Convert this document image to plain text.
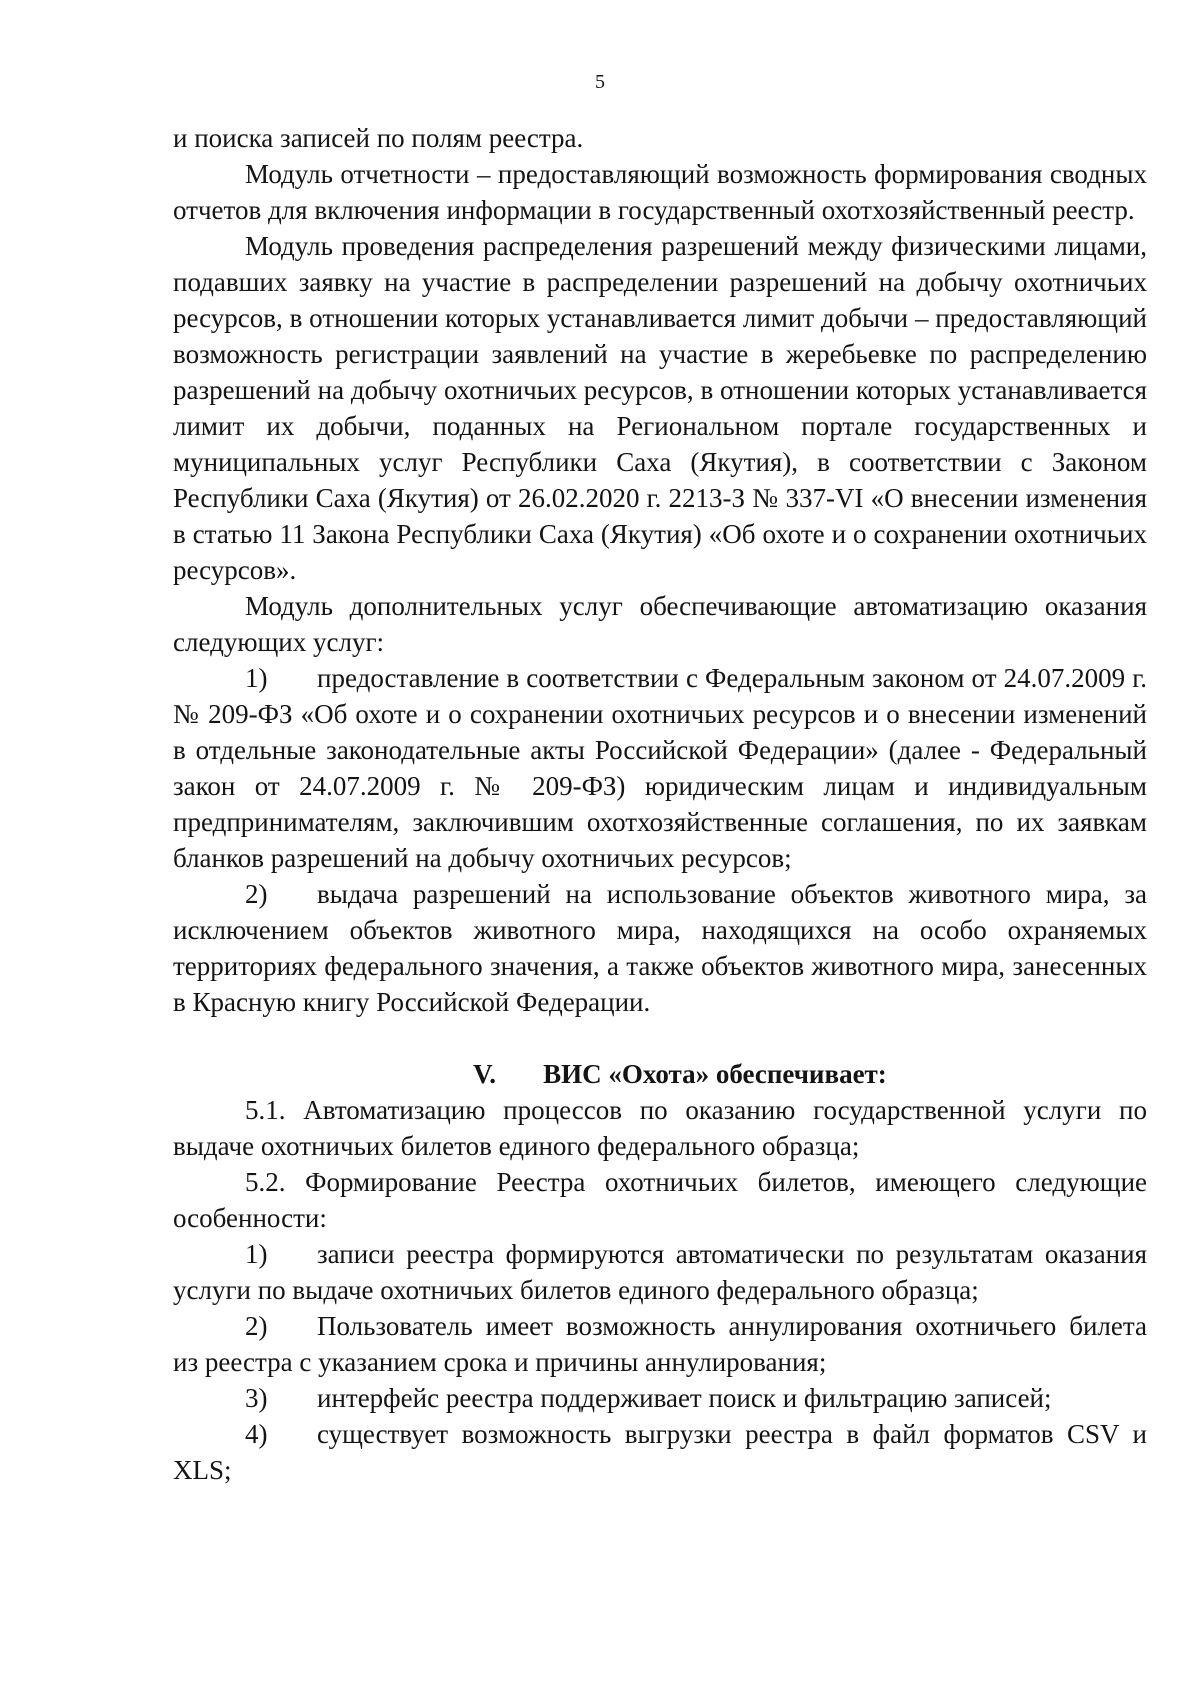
5

и поиска записей по полям реестра.

Модуль отчетности – предоставляющий возможность формирования сводных отчетов для включения информации в государственный охотхозяйственный реестр.

Модуль проведения распределения разрешений между физическими лицами, подавших заявку на участие в распределении разрешений на добычу охотничьих ресурсов, в отношении которых устанавливается лимит добычи – предоставляющий возможность регистрации заявлений на участие в жеребьевке по распределению разрешений на добычу охотничьих ресурсов, в отношении которых устанавливается лимит их добычи, поданных на Региональном портале государственных и муниципальных услуг Республики Саха (Якутия), в соответствии с Законом Республики Саха (Якутия) от 26.02.2020 г. 2213-З № 337-VI «О внесении изменения в статью 11 Закона Республики Саха (Якутия) «Об охоте и о сохранении охотничьих ресурсов».

Модуль дополнительных услуг обеспечивающие автоматизацию оказания следующих услуг:

1) предоставление в соответствии с Федеральным законом от 24.07.2009 г. № 209-ФЗ «Об охоте и о сохранении охотничьих ресурсов и о внесении изменений в отдельные законодательные акты Российской Федерации» (далее - Федеральный закон от 24.07.2009 г. № 209-ФЗ) юридическим лицам и индивидуальным предпринимателям, заключившим охотхозяйственные соглашения, по их заявкам бланков разрешений на добычу охотничьих ресурсов;

2) выдача разрешений на использование объектов животного мира, за исключением объектов животного мира, находящихся на особо охраняемых территориях федерального значения, а также объектов животного мира, занесенных в Красную книгу Российской Федерации.

V. ВИС «Охота» обеспечивает:

5.1. Автоматизацию процессов по оказанию государственной услуги по выдаче охотничьих билетов единого федерального образца;

5.2. Формирование Реестра охотничьих билетов, имеющего следующие особенности:

1) записи реестра формируются автоматически по результатам оказания услуги по выдаче охотничьих билетов единого федерального образца;

2) Пользователь имеет возможность аннулирования охотничьего билета из реестра с указанием срока и причины аннулирования;

3) интерфейс реестра поддерживает поиск и фильтрацию записей;

4) существует возможность выгрузки реестра в файл форматов CSV и XLS;
